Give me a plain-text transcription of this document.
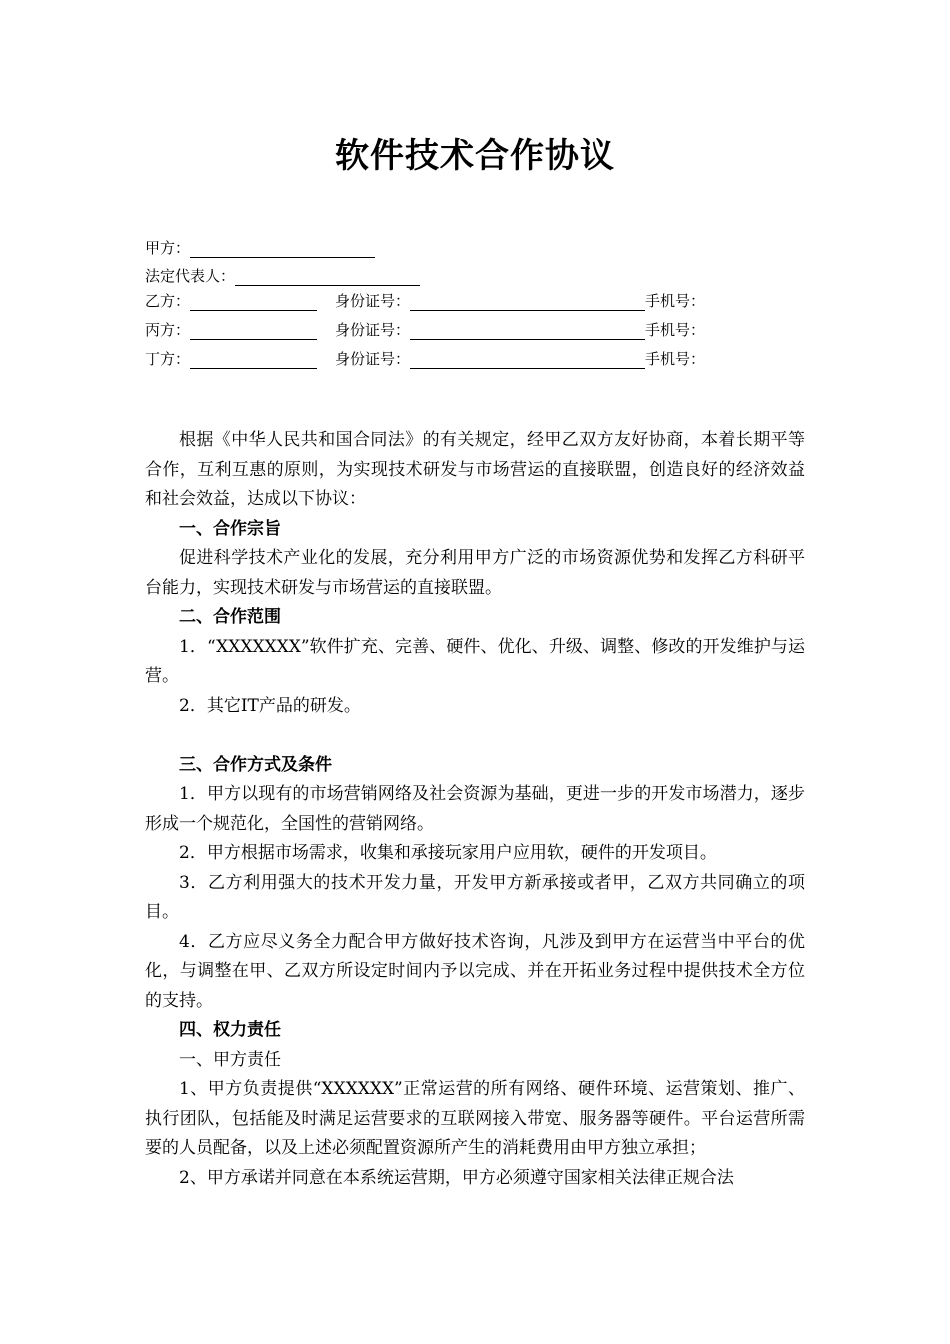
软件技术合作协议
甲方：
法定代表人：
乙方：	身份证号：	手机号：
丙方：	身份证号：	手机号：
丁方：	身份证号：	手机号：

根据《中华人民共和国合同法》的有关规定，经甲乙双方友好协商，本着长期平等合作，互利互惠的原则，为实现技术研发与市场营运的直接联盟，创造良好的经济效益和社会效益，达成以下协议：

一、合作宗旨

促进科学技术产业化的发展，充分利用甲方广泛的市场资源优势和发挥乙方科研平台能力，实现技术研发与市场营运的直接联盟。

二、合作范围

1．“XXXXXXX”软件扩充、完善、硬件、优化、升级、调整、修改的开发维护与运营。

2．其它IT产品的研发。

三、合作方式及条件

1．甲方以现有的市场营销网络及社会资源为基础，更进一步的开发市场潜力，逐步形成一个规范化，全国性的营销网络。

2．甲方根据市场需求，收集和承接玩家用户应用软，硬件的开发项目。

3．乙方利用强大的技术开发力量，开发甲方新承接或者甲，乙双方共同确立的项目。

4．乙方应尽义务全力配合甲方做好技术咨询，凡涉及到甲方在运营当中平台的优化，与调整在甲、乙双方所设定时间内予以完成、并在开拓业务过程中提供技术全方位的支持。

四、权力责任

一、甲方责任

1、甲方负责提供“XXXXXX”正常运营的所有网络、硬件环境、运营策划、推广、执行团队，包括能及时满足运营要求的互联网接入带宽、服务器等硬件。平台运营所需要的人员配备，以及上述必须配置资源所产生的消耗费用由甲方独立承担；

2、甲方承诺并同意在本系统运营期，甲方必须遵守国家相关法律正规合法
